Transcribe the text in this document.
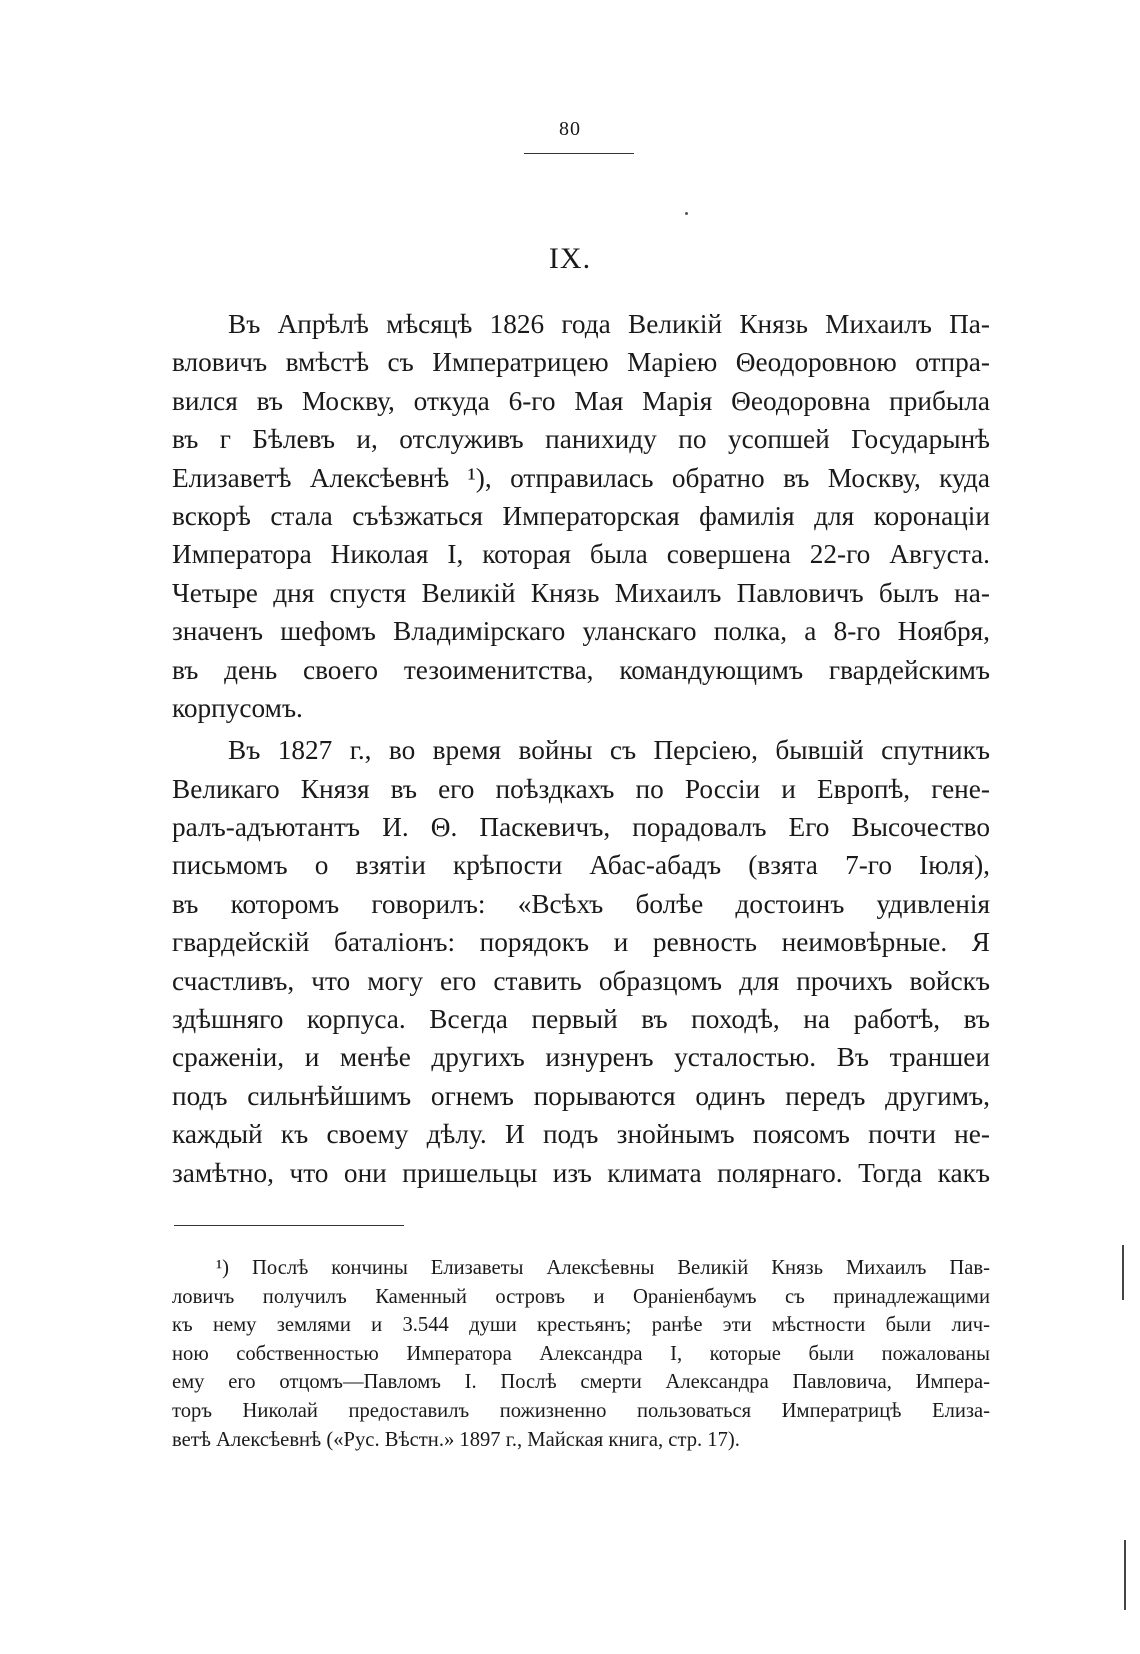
80
IX.
Въ Апрѣлѣ мѣсяцѣ 1826 года Великій Князь Михаилъ Па-
вловичъ вмѣстѣ съ Императрицею Маріею Θеодоровною отпра-
вился въ Москву, откуда 6-го Мая Марія Θеодоровна прибыла
въ г Бѣлевъ и, отслуживъ панихиду по усопшей Государынѣ
Елизаветѣ Алексѣевнѣ ¹), отправилась обратно въ Москву, куда
вскорѣ стала съѣзжаться Императорская фамилія для коронаціи
Императора Николая I, которая была совершена 22-го Августа.
Четыре дня спустя Великій Князь Михаилъ Павловичъ былъ на-
значенъ шефомъ Владимірскаго уланскаго полка, а 8-го Ноября,
въ день своего тезоименитства, командующимъ гвардейскимъ
корпусомъ.
Въ 1827 г., во время войны съ Персіею, бывшій спутникъ
Великаго Князя въ его поѣздкахъ по Россіи и Европѣ, гене-
ралъ-адъютантъ И. Θ. Паскевичъ, порадовалъ Его Высочество
письмомъ о взятіи крѣпости Абас-абадъ (взята 7-го Іюля),
въ которомъ говорилъ: «Всѣхъ болѣе достоинъ удивленія
гвардейскій баталіонъ: порядокъ и ревность неимовѣрные. Я
счастливъ, что могу его ставить образцомъ для прочихъ войскъ
здѣшняго корпуса. Всегда первый въ походѣ, на работѣ, въ
сраженіи, и менѣе другихъ изнуренъ усталостью. Въ траншеи
подъ сильнѣйшимъ огнемъ порываются одинъ передъ другимъ,
каждый къ своему дѣлу. И подъ знойнымъ поясомъ почти не-
замѣтно, что они пришельцы изъ климата полярнаго. Тогда какъ
¹) Послѣ кончины Елизаветы Алексѣевны Великій Князь Михаилъ Пав-
ловичъ получилъ Каменный островъ и Ораніенбаумъ съ принадлежащими
къ нему землями и 3.544 души крестьянъ; ранѣе эти мѣстности были лич-
ною собственностью Императора Александра I, которые были пожалованы
ему его отцомъ—Павломъ I. Послѣ смерти Александра Павловича, Импера-
торъ Николай предоставилъ пожизненно пользоваться Императрицѣ Елиза-
ветѣ Алексѣевнѣ («Рус. Вѣстн.» 1897 г., Майская книга, стр. 17).
